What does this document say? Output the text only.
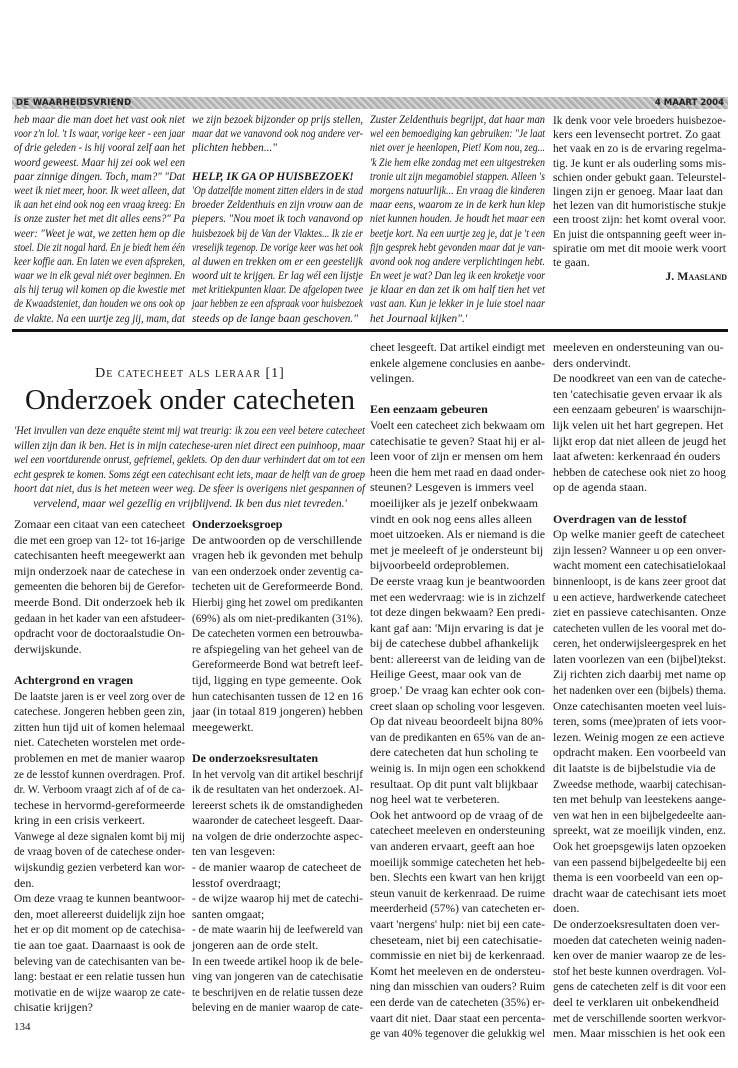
DE WAARHEIDSVRIEND	4 MAART 2004
heb maar die man doet het vast ook niet
voor z'n lol. 't Is waar, vorige keer - een jaar
of drie geleden - is hij vooral zelf aan het
woord geweest. Maar hij zei ook wel een
paar zinnige dingen. Toch, mam?" "Dat
weet ik niet meer, hoor. Ik weet alleen, dat
ik aan het eind ook nog een vraag kreeg: En
is onze zuster het met dit alles eens?" Pa
weer: "Weet je wat, we zetten hem op die
stoel. Die zit nogal hard. En je biedt hem één
keer koffie aan. En laten we even afspreken,
waar we in elk geval niét over beginnen. En
als hij terug wil komen op die kwestie met
de Kwaadsteniet, dan houden we ons ook op
de vlakte. Na een uurtje zeg jij, mam, dat
we zijn bezoek bijzonder op prijs stellen,
maar dat we vanavond ook nog andere ver-
plichten hebben..."
HELP, IK GA OP HUISBEZOEK!
'Op datzelfde moment zitten elders in de stad
broeder Zeldenthuis en zijn vrouw aan de
piepers. "Nou moet ik toch vanavond op
huisbezoek bij de Van der Vlaktes... Ik zie er
vreselijk tegenop. De vorige keer was het ook
al duwen en trekken om er een geestelijk
woord uit te krijgen. Er lag wél een lijstje
met kritiekpunten klaar. De afgelopen twee
jaar hebben ze een afspraak voor huisbezoek
steeds op de lange baan geschoven."
Zuster Zeldenthuis begrijpt, dat haar man
wel een bemoediging kan gebruiken: "Je laat
niet over je heenlopen, Piet! Kom nou, zeg...
'k Zie hem elke zondag met een uitgestreken
tronie uit zijn megamobiel stappen. Alleen 's
morgens natuurlijk... En vraag die kinderen
maar eens, waarom ze in de kerk hun klep
niet kunnen houden. Je houdt het maar een
beetje kort. Na een uurtje zeg je, dat je 't een
fijn gesprek hebt gevonden maar dat je van-
avond ook nog andere verplichtingen hebt.
En weet je wat? Dan leg ik een kroketje voor
je klaar en dan zet ik om half tien het vet
vast aan. Kun je lekker in je luie stoel naar
het Journaal kijken".'
Ik denk voor vele broeders huisbezoe-
kers een levensecht portret. Zo gaat
het vaak en zo is de ervaring regelma-
tig. Je kunt er als ouderling soms mis-
schien onder gebukt gaan. Teleurstel-
lingen zijn er genoeg. Maar laat dan
het lezen van dit humoristische stukje
een troost zijn: het komt overal voor.
En juist die ontspanning geeft weer in-
spiratie om met dit mooie werk voort
te gaan.
J. Maasland
De catecheet als leraar [1]
Onderzoek onder catecheten
'Het invullen van deze enquête stemt mij wat treurig: ik zou een veel betere catecheet
willen zijn dan ik ben. Het is in mijn catechese-uren niet direct een puinhoop, maar
wel een voortdurende onrust, gefriemel, geklets. Op den duur verhindert dat om tot een
echt gesprek te komen. Soms zégt een catechisant echt iets, maar de helft van de groep
hoort dat niet, dus is het meteen weer weg. De sfeer is overigens niet gespannen of
vervelend, maar wel gezellig en vrijblijvend. Ik ben dus niet tevreden.'
Zomaar een citaat van een catecheet
die met een groep van 12- tot 16-jarige
catechisanten heeft meegewerkt aan
mijn onderzoek naar de catechese in
gemeenten die behoren bij de Gerefor-
meerde Bond. Dit onderzoek heb ik
gedaan in het kader van een afstudeer-
opdracht voor de doctoraalstudie On-
derwijskunde.
Achtergrond en vragen
De laatste jaren is er veel zorg over de
catechese. Jongeren hebben geen zin,
zitten hun tijd uit of komen helemaal
niet. Catecheten worstelen met orde-
problemen en met de manier waarop
ze de lesstof kunnen overdragen. Prof.
dr. W. Verboom vraagt zich af of de ca-
techese in hervormd-gereformeerde
kring in een crisis verkeert.
Vanwege al deze signalen komt bij mij
de vraag boven of de catechese onder-
wijskundig gezien verbeterd kan wor-
den.
Om deze vraag te kunnen beantwoor-
den, moet allereerst duidelijk zijn hoe
het er op dit moment op de catechisa-
tie aan toe gaat. Daarnaast is ook de
beleving van de catechisanten van be-
lang: bestaat er een relatie tussen hun
motivatie en de wijze waarop ze cate-
chisatie krijgen?
Onderzoeksgroep
De antwoorden op de verschillende
vragen heb ik gevonden met behulp
van een onderzoek onder zeventig ca-
techeten uit de Gereformeerde Bond.
Hierbij ging het zowel om predikanten
(69%) als om niet-predikanten (31%).
De catecheten vormen een betrouwba-
re afspiegeling van het geheel van de
Gereformeerde Bond wat betreft leef-
tijd, ligging en type gemeente. Ook
hun catechisanten tussen de 12 en 16
jaar (in totaal 819 jongeren) hebben
meegewerkt.
De onderzoeksresultaten
In het vervolg van dit artikel beschrijf
ik de resultaten van het onderzoek. Al-
lereerst schets ik de omstandigheden
waaronder de catecheet lesgeeft. Daar-
na volgen de drie onderzochte aspec-
ten van lesgeven:
- de manier waarop de catecheet de
lesstof overdraagt;
- de wijze waarop hij met de catechi-
santen omgaat;
- de mate waarin hij de leefwereld van
jongeren aan de orde stelt.
In een tweede artikel hoop ik de bele-
ving van jongeren van de catechisatie
te beschrijven en de relatie tussen deze
beleving en de manier waarop de cate-
cheet lesgeeft. Dat artikel eindigt met
enkele algemene conclusies en aanbe-
velingen.
Een eenzaam gebeuren
Voelt een catecheet zich bekwaam om
catechisatie te geven? Staat hij er al-
leen voor of zijn er mensen om hem
heen die hem met raad en daad onder-
steunen? Lesgeven is immers veel
moeilijker als je jezelf onbekwaam
vindt en ook nog eens alles alleen
moet uitzoeken. Als er niemand is die
met je meeleeft of je ondersteunt bij
bijvoorbeeld ordeproblemen.
De eerste vraag kun je beantwoorden
met een wedervraag: wie is in zichzelf
tot deze dingen bekwaam? Een predi-
kant gaf aan: 'Mijn ervaring is dat je
bij de catechese dubbel afhankelijk
bent: allereerst van de leiding van de
Heilige Geest, maar ook van de
groep.' De vraag kan echter ook con-
creet slaan op scholing voor lesgeven.
Op dat niveau beoordeelt bijna 80%
van de predikanten en 65% van de an-
dere catecheten dat hun scholing te
weinig is. In mijn ogen een schokkend
resultaat. Op dit punt valt blijkbaar
nog heel wat te verbeteren.
Ook het antwoord op de vraag of de
catecheet meeleven en ondersteuning
van anderen ervaart, geeft aan hoe
moeilijk sommige catecheten het heb-
ben. Slechts een kwart van hen krijgt
steun vanuit de kerkenraad. De ruime
meerderheid (57%) van catecheten er-
vaart 'nergens' hulp: niet bij een cate-
cheseteam, niet bij een catechisatie-
commissie en niet bij de kerkenraad.
Komt het meeleven en de ondersteu-
ning dan misschien van ouders? Ruim
een derde van de catecheten (35%) er-
vaart dit niet. Daar staat een percenta-
ge van 40% tegenover die gelukkig wel
meeleven en ondersteuning van ou-
ders ondervindt.
De noodkreet van een van de cateche-
ten 'catechisatie geven ervaar ik als
een eenzaam gebeuren' is waarschijn-
lijk velen uit het hart gegrepen. Het
lijkt erop dat niet alleen de jeugd het
laat afweten: kerkenraad én ouders
hebben de catechese ook niet zo hoog
op de agenda staan.
Overdragen van de lesstof
Op welke manier geeft de catecheet
zijn lessen? Wanneer u op een onver-
wacht moment een catechisatielokaal
binnenloopt, is de kans zeer groot dat
u een actieve, hardwerkende catecheet
ziet en passieve catechisanten. Onze
catecheten vullen de les vooral met do-
ceren, het onderwijsleergesprek en het
laten voorlezen van een (bijbel)tekst.
Zij richten zich daarbij met name op
het nadenken over een (bijbels) thema.
Onze catechisanten moeten veel luis-
teren, soms (mee)praten of iets voor-
lezen. Weinig mogen ze een actieve
opdracht maken. Een voorbeeld van
dit laatste is de bijbelstudie via de
Zweedse methode, waarbij catechisan-
ten met behulp van leestekens aange-
ven wat hen in een bijbelgedeelte aan-
spreekt, wat ze moeilijk vinden, enz.
Ook het groepsgewijs laten opzoeken
van een passend bijbelgedeelte bij een
thema is een voorbeeld van een op-
dracht waar de catechisant iets moet
doen.
De onderzoeksresultaten doen ver-
moeden dat catecheten weinig naden-
ken over de manier waarop ze de les-
stof het beste kunnen overdragen. Vol-
gens de catecheten zelf is dit voor een
deel te verklaren uit onbekendheid
met de verschillende soorten werkvor-
men. Maar misschien is het ook een
134
